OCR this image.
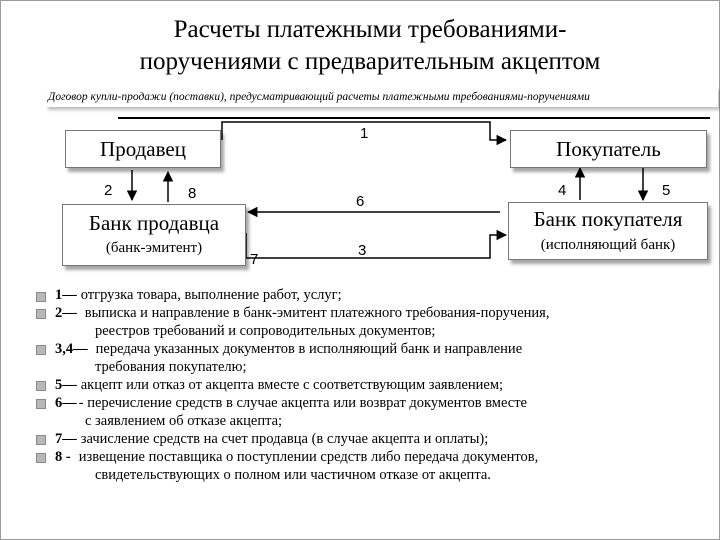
Расчеты платежными требованиями-
поручениями с предварительным акцептом
Договор купли-продажи (поставки), предусматривающий расчеты платежными требованиями-поручениями
Продавец	Покупатель
Банк продавца
(банк-эмитент)
Банк покупателя
(исполняющий банк)
1
2	8	6
4	5
7
3
1— отгрузка товара, выполнение работ, услуг;
2— выписка и направление в банк-эмитент платежного требования-поручения,
реестров требований и сопроводительных документов;
3,4— передача указанных документов в исполняющий банк и направление
требования покупателю;
5— акцепт или отказ от акцепта вместе с соответствующим заявлением;
6— - перечисление средств в случае акцепта или возврат документов вместе
с заявлением об отказе акцепта;
7— зачисление средств на счет продавца (в случае акцепта и оплаты);
8 - извещение поставщика о поступлении средств либо передача документов,
свидетельствующих о полном или частичном отказе от акцепта.
